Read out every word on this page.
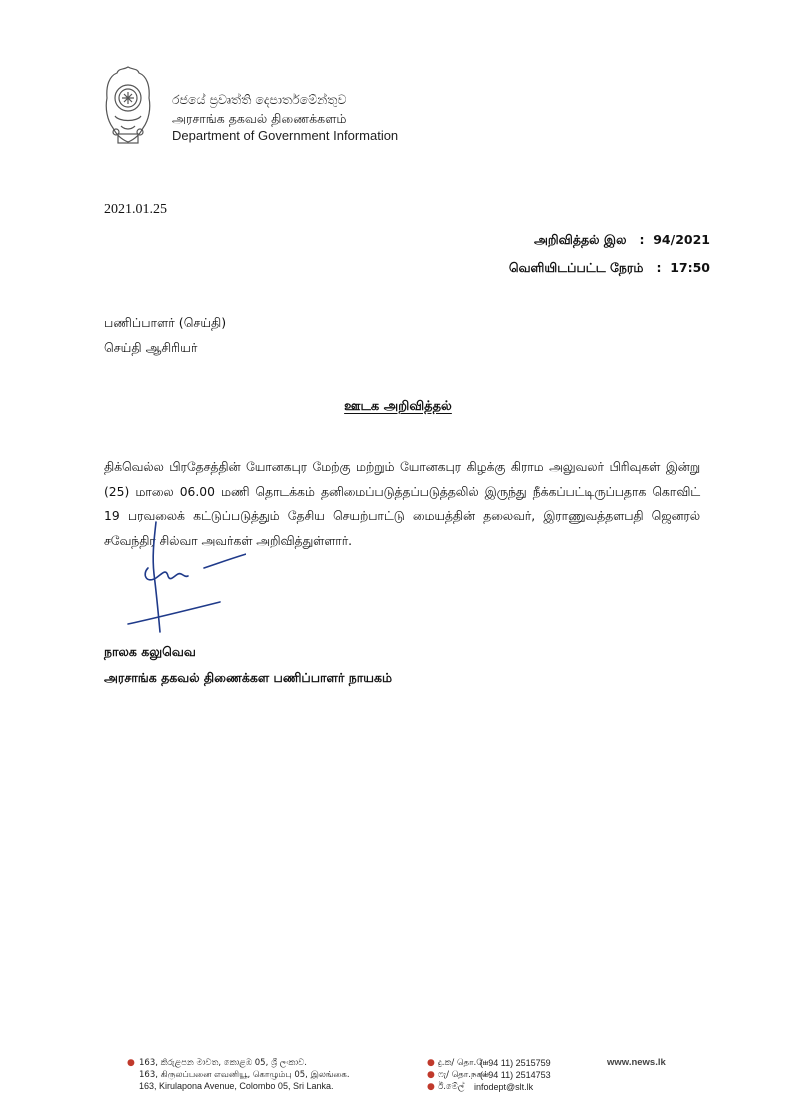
රජයේ ප්‍රවෘත්ති දෙපාර්තමේන්තුව
அரசாங்க தகவல் திணைக்களம்
Department of Government Information
2021.01.25
அறிவித்தல் இல   :  94/2021
வெளியிடப்பட்ட நேரம்   :  17:50
பணிப்பாளர் (செய்தி)
செய்தி ஆசிரியர்
ஊடக அறிவித்தல்
திக்வெல்ல பிரதேசத்தின் யோனகபுர மேற்கு மற்றும் யோனகபுர கிழக்கு கிராம அலுவலர் பிரிவுகள் இன்று (25) மாலை 06.00 மணி தொடக்கம் தனிமைப்படுத்தப்படுத்தலில் இருந்து நீக்கப்பட்டிருப்பதாக கொவிட் 19 பரவலைக் கட்டுப்படுத்தும் தேசிய செயற்பாட்டு மையத்தின் தலைவர், இராணுவத்தளபதி ஜெனரல் சவேந்திர சில்வா அவர்கள் அறிவித்துள்ளார்.
நாலக கலுவெவ
அரசாங்க தகவல் திணைக்கள பணிப்பாளர் நாயகம்
● 163, කිරුළපන මාවත, කොළඹ 05, ශ්‍රී ලංකාව.
163, கிருலப்பனை எவனியூ, கொழும்பு 05, இலங்கை.
163, Kirulapona Avenue, Colombo 05, Sri Lanka.
● දු.ක/ தொ.பே
(+94 11) 2515759
● ෆැ/ தொ.நகல்
(+94 11) 2514753
● ඊ.මේල් infodept@slt.lk
www.news.lk
